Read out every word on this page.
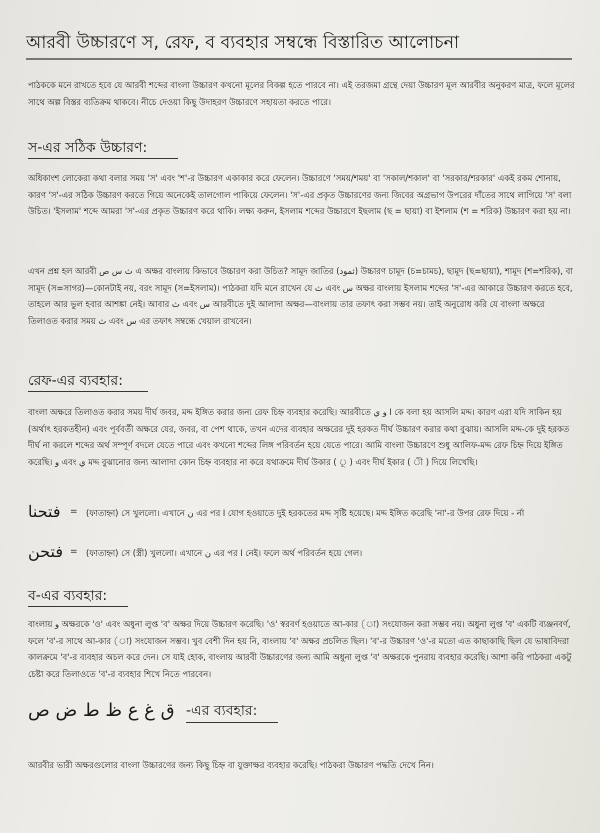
আরবী উচ্চারণে স, রেফ, ব ব্যবহার সম্বন্ধে বিস্তারিত আলোচনা

পাঠককে মনে রাখতে হবে যে আরবী শব্দের বাংলা উচ্চারণ কখনো মূলের বিকল্প হতে পারবে না। এই তরজমা গ্রন্থে দেয়া উচ্চারণ মূল আরবীর অনুকরণ মাত্র, ফলে মূলের সাথে অল্প বিস্তর ব্যতিক্রম থাকবে। নীচে দেওয়া কিছু উদাহরণ উচ্চারণে সহায়তা করতে পারে।

স-এর সঠিক উচ্চারণ:

অধিকাংশ লোকেরা কথা বলার সময় 'স' এবং 'শ'-র উচ্চারণ একাকার করে ফেলেন। উচ্চারণে 'সময়/শময়' বা 'সকাল/শকাল' বা 'সরকার/শরকার' একই রকম শোনায়, কারণ 'স'-এর সঠিক উচ্চারণ করতে গিয়ে অনেকেই তালগোল পাকিয়ে ফেলেন। 'স'-এর প্রকৃত উচ্চারণের জন্য জিবের অগ্রভাগ উপরের দাঁতের সাথে লাগিয়ে 'স' বলা উচিত। 'ইসলাম' শব্দে আমরা 'স'-এর প্রকৃত উচ্চারণ করে থাকি। লক্ষ্য করুন, ইসলাম শব্দের উচ্চারণে ইছলাম (ছ = ছায়া) বা ইশলাম (শ = শরিক) উচ্চারণ করা হয় না।

এখন প্রশ্ন হল আরবী ث س ص এ অক্ষর বাংলায় কিভাবে উচ্চারণ করা উচিত? সামূদ জাতির (ثمود) উচ্চারণ চামূদ (চ=চামচ), ছামূদ (ছ=ছায়া), শামূদ (শ=শরিক), বা সামূদ (স=সাগর)—কোনটাই নয়, বরং সামূদ (স=ইসলাম)। পাঠকরা যদি মনে রাখেন যে ث এবং س অক্ষর বাংলায় ইসলাম শব্দের 'স'-এর আকারে উচ্চারণ করতে হবে, তাহলে আর ভুল হবার আশঙ্কা নেই। আবার ث এবং س আরবীতে দুই আলাদা অক্ষর—বাংলায় তার তফাৎ করা সম্ভব নয়। তাই অনুরোধ করি যে বাংলা অক্ষরে তিলাওত করার সময় ث এবং س এর তফাৎ সম্বন্ধে খেয়াল রাখবেন।

রেফ-এর ব্যবহার:

বাংলা অক্ষরে তিলাওত করার সময় দীর্ঘ জবর, মদ্দ ইঙ্গিত করার জন্য রেফ চিহ্ন ব্যবহার করেছি। আরবীতে ا و ي কে বলা হয় আসলি মদ্দ। কারণ এরা যদি সাকিন হয় (অর্থাৎ হরকতহীন) এবং পূর্ববর্তী অক্ষরে যের, জবর, বা পেশ থাকে, তখন এদের ব্যবহার অক্ষরের দুই হরকত দীর্ঘ উচ্চারণ করার কথা বুঝায়। আসলি মদ্দ-কে দুই হরকত দীর্ঘ না করলে শব্দের অর্থ সম্পূর্ণ বদলে যেতে পারে এবং কখনো শব্দের লিঙ্গ পরিবর্তন হয়ে যেতে পারে। আমি বাংলা উচ্চারণে শুধু আলিফ-মদ্দ রেফ চিহ্ন দিয়ে ইঙ্গিত করেছি। و এবং ي মদ্দ বুঝানোর জন্য আলাদা কোন চিহ্ন ব্যবহার না করে যথাক্রমে দীর্ঘ উকার ( ূ ) এবং দীর্ঘ ইকার ( ী ) দিয়ে লিখেছি।

فتحنا = (ফাতাহ্না) সে খুললো। এখানে ن এর পর ا যোগ হওয়াতে দুই হরকতের মদ্দ সৃষ্টি হয়েছে। মদ্দ ইঙ্গিত করেছি 'না'-র উপর রেফ দিয়ে - র্না
فتحن = (ফাতাহ্না) সে (স্ত্রী) খুললো। এখানে ن এর পর ا নেই। ফলে অর্থ পরিবর্তন হয়ে গেল।
ব-এর ব্যবহার:

বাংলায় و অক্ষরকে 'ও' এবং অধুনা লুপ্ত 'ব' অক্ষর দিয়ে উচ্চারণ করেছি। 'ও' স্বরবর্ণ হওয়াতে আ-কার (া) সংযোজন করা সম্ভব নয়। অধুনা লুপ্ত 'ব' একটি ব্যঞ্জনবর্ণ, ফলে 'ব'-র সাথে আ-কার (া) সংযোজন সম্ভব। খুব বেশী দিন হয় নি, বাংলায় 'ব' অক্ষর প্রচলিত ছিল। 'ব'-র উচ্চারণ 'ও'-র মতো এত কাছাকাছি ছিল যে ভাষাবিদরা কালক্রমে 'ব'-র ব্যবহার অচল করে দেন। সে যাই হোক, বাংলায় আরবী উচ্চারণের জন্য আমি অধুনা লুপ্ত 'ব' অক্ষরকে পুনরায় ব্যবহার করেছি। আশা করি পাঠকরা একটু চেষ্টা করে তিলাওতে 'ব'-র ব্যবহার শিখে নিতে পারবেন।

ق غ ع ظ ط ض ص -এর ব্যবহার:

আরবীর ভারী অক্ষরগুলোর বাংলা উচ্চারণের জন্য কিছু চিহ্ন বা যুক্তাক্ষর ব্যবহার করেছি। পাঠকরা উচ্চারণ পদ্ধতি দেখে নিন।
